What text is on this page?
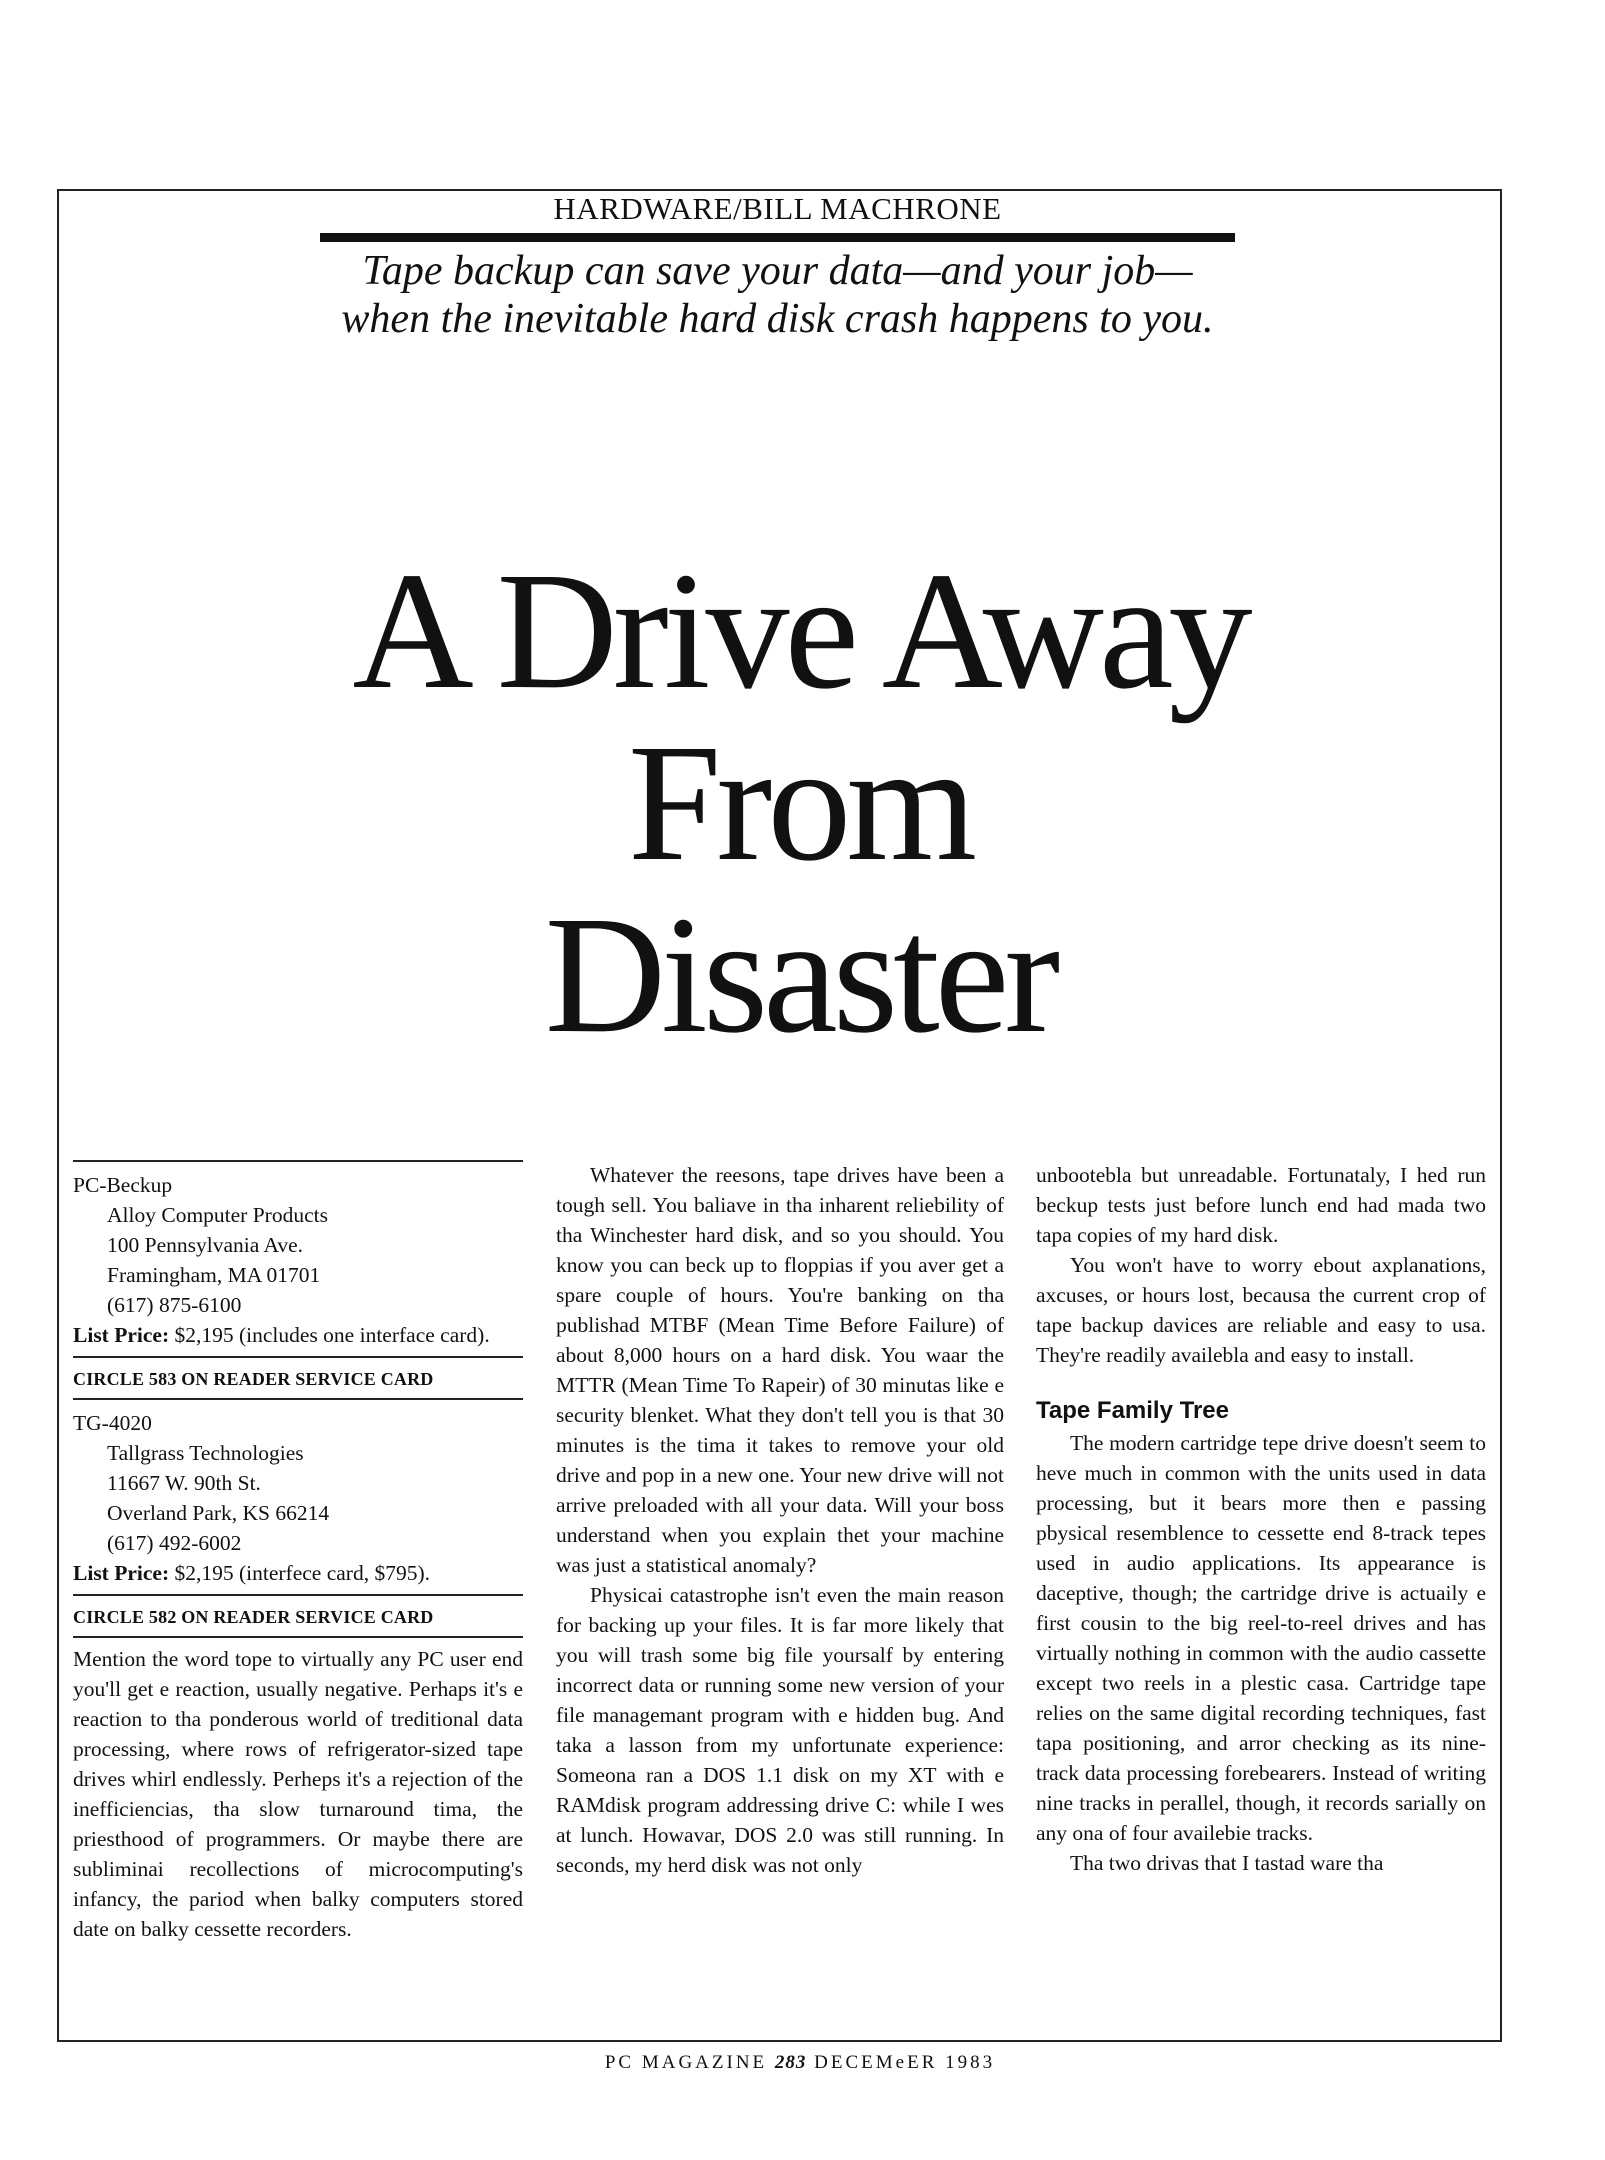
HARDWARE/BILL MACHRONE
Tape backup can save your data—and your job—
when the inevitable hard disk crash happens to you.
A Drive Away
From
Disaster

PC-Beckup

Alloy Computer Products

100 Pennsylvania Ave.

Framingham, MA 01701

(617) 875-6100

List Price: $2,195 (includes one interface card).

CIRCLE 583 ON READER SERVICE CARD

TG-4020

Tallgrass Technologies

11667 W. 90th St.

Overland Park, KS 66214

(617) 492-6002

List Price: $2,195 (interfece card, $795).

CIRCLE 582 ON READER SERVICE CARD

Mention the word tope to virtually any PC user end you'll get e reaction, usually negative. Perhaps it's e reaction to tha ponderous world of treditional data processing, where rows of refrigerator-sized tape drives whirl endlessly. Perheps it's a rejection of the inefficiencias, tha slow turnaround tima, the priesthood of programmers. Or maybe there are subliminai recollections of microcomputing's infancy, the pariod when balky computers stored date on balky cessette recorders.

Whatever the reesons, tape drives have been a tough sell. You baliave in tha inharent reliebility of tha Winchester hard disk, and so you should. You know you can beck up to floppias if you aver get a spare couple of hours. You're banking on tha publishad MTBF (Mean Time Before Failure) of about 8,000 hours on a hard disk. You waar the MTTR (Mean Time To Rapeir) of 30 minutas like e security blenket. What they don't tell you is that 30 minutes is the tima it takes to remove your old drive and pop in a new one. Your new drive will not arrive preloaded with all your data. Will your boss understand when you explain thet your machine was just a statistical anomaly?

Physicai catastrophe isn't even the main reason for backing up your files. It is far more likely that you will trash some big file yoursalf by entering incorrect data or running some new version of your file managemant program with e hidden bug. And taka a lasson from my unfortunate experience: Someona ran a DOS 1.1 disk on my XT with e RAMdisk program addressing drive C: while I wes at lunch. Howavar, DOS 2.0 was still running. In seconds, my herd disk was not only

unbootebla but unreadable. Fortunataly, I hed run beckup tests just before lunch end had mada two tapa copies of my hard disk.

You won't have to worry ebout axplanations, axcuses, or hours lost, becausa the current crop of tape backup davices are reliable and easy to usa. They're readily availebla and easy to install.

Tape Family Tree

The modern cartridge tepe drive doesn't seem to heve much in common with the units used in data processing, but it bears more then e passing pbysical resemblence to cessette end 8-track tepes used in audio applications. Its appearance is daceptive, though; the cartridge drive is actuaily e first cousin to the big reel-to-reel drives and has virtually nothing in common with the audio cassette except two reels in a plestic casa. Cartridge tape relies on the same digital recording techniques, fast tapa positioning, and arror checking as its nine-track data processing forebearers. Instead of writing nine tracks in perallel, though, it records sarially on any ona of four availebie tracks.

Tha two drivas that I tastad ware tha

PC MAGAZINE 283 DECEMeER 1983
